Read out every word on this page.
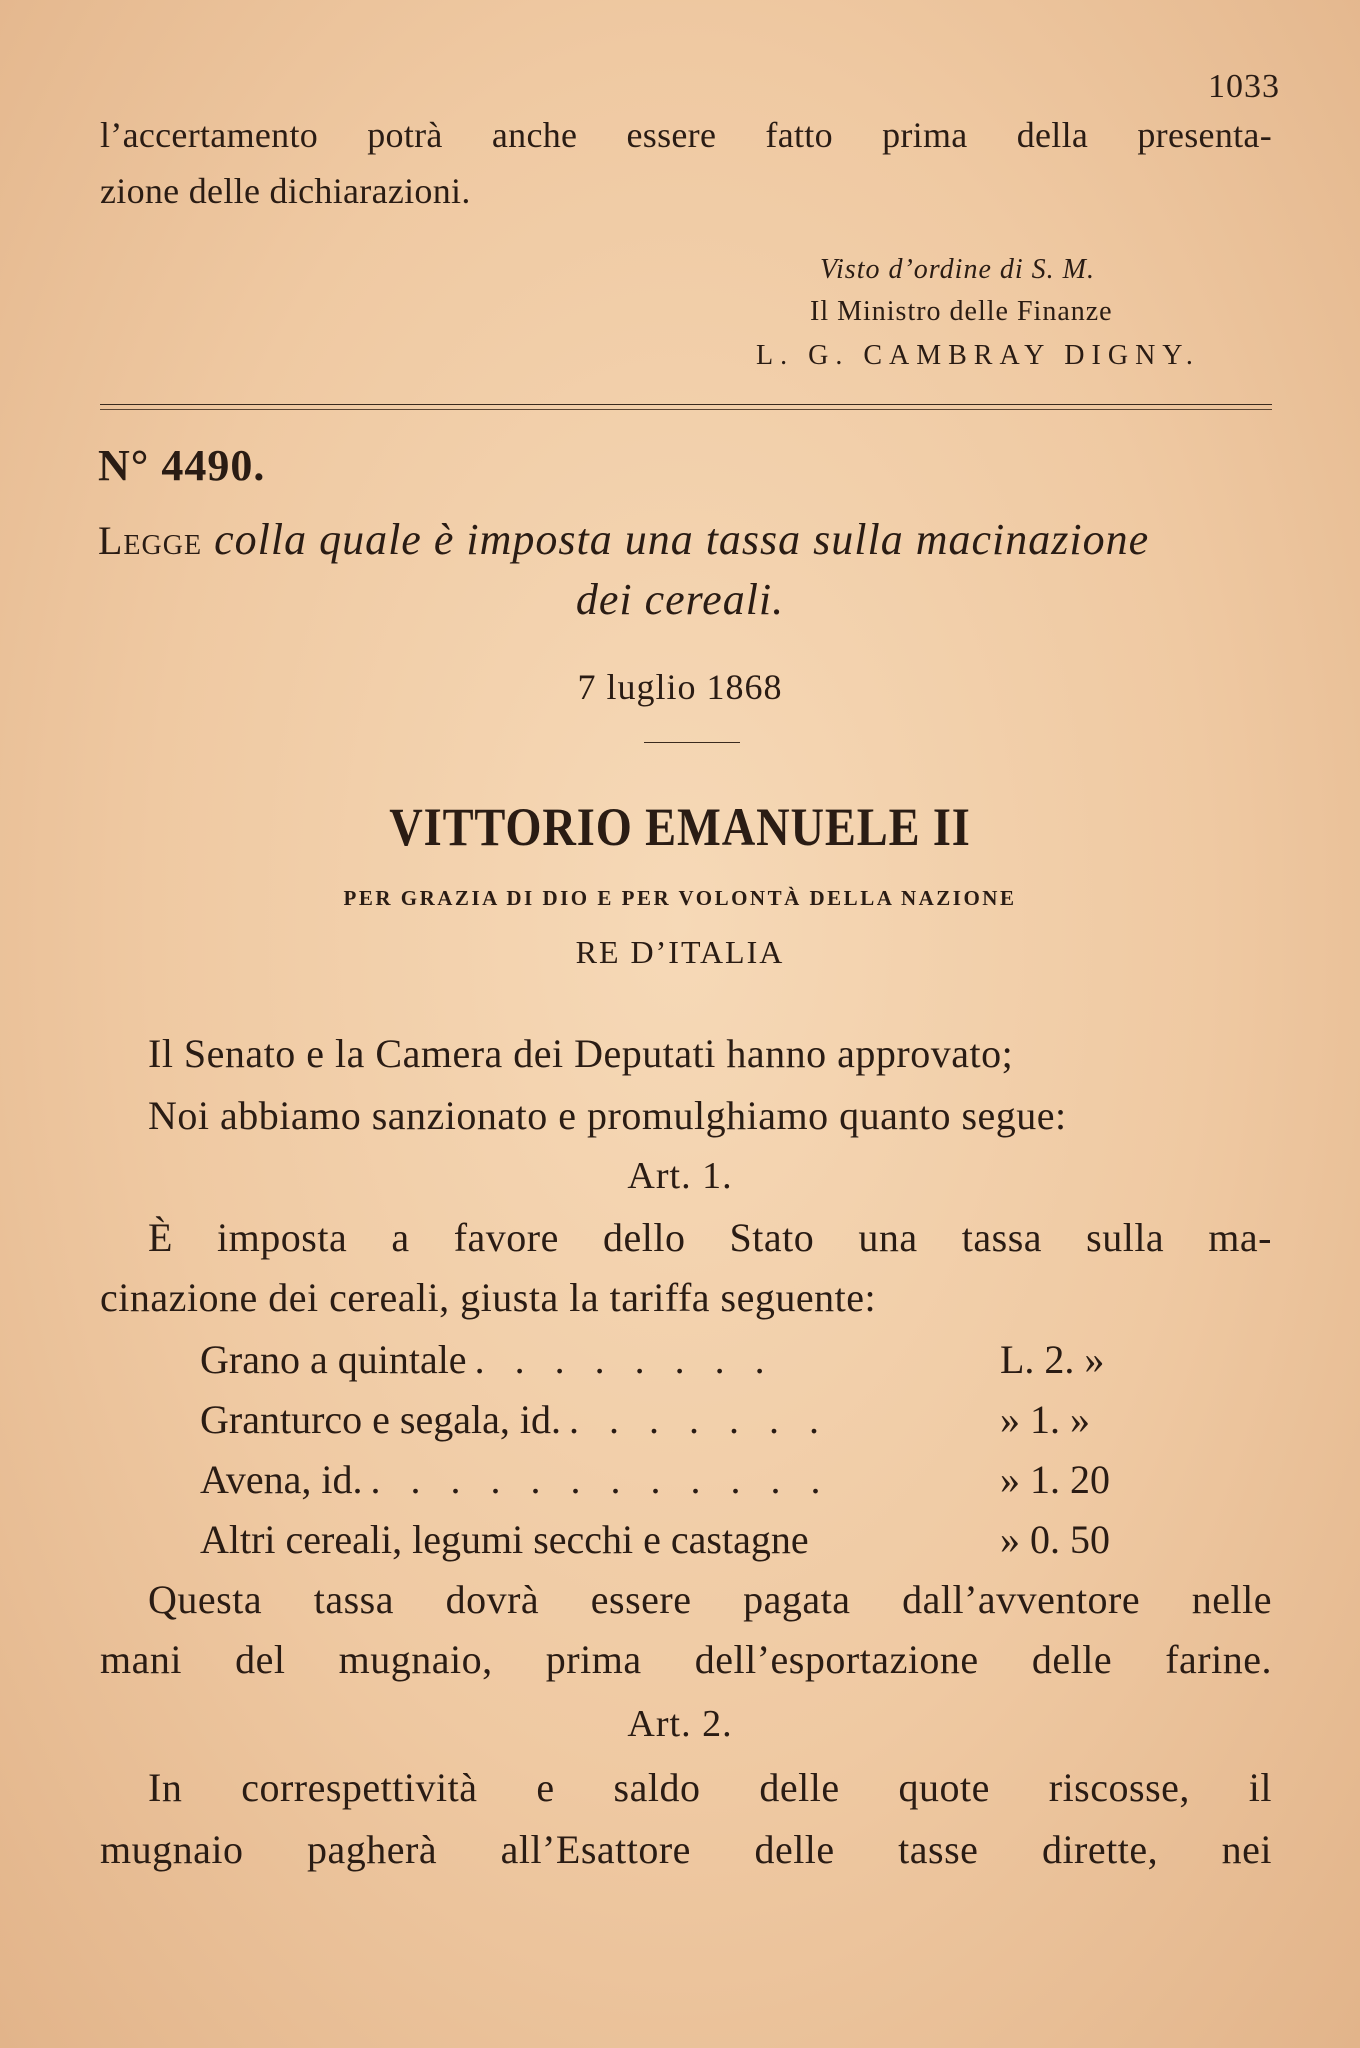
1033
l’accertamento potrà anche essere fatto prima della presenta-
zione delle dichiarazioni.
Visto d’ordine di S. M.
Il Ministro delle Finanze
L. G. CAMBRAY DIGNY.
N° 4490.
Legge colla quale è imposta una tassa sulla macinazione
dei cereali.
7 luglio 1868
VITTORIO EMANUELE II
PER GRAZIA DI DIO E PER VOLONTÀ DELLA NAZIONE
RE D’ITALIA
Il Senato e la Camera dei Deputati hanno approvato;
Noi abbiamo sanzionato e promulghiamo quanto segue:
Art. 1.
È imposta a favore dello Stato una tassa sulla ma-
cinazione dei cereali, giusta la tariffa seguente:
Grano a quintale . . . . . . . .	L. 2. »
Granturco e segala, id. . . . . . . .	» 1. »
Avena, id. . . . . . . . . . . . .	» 1. 20
Altri cereali, legumi secchi e castagne	» 0. 50
Questa tassa dovrà essere pagata dall’avventore nelle
mani del mugnaio, prima dell’esportazione delle farine.
Art. 2.
In correspettività e saldo delle quote riscosse, il
mugnaio pagherà all’Esattore delle tasse dirette, nei
